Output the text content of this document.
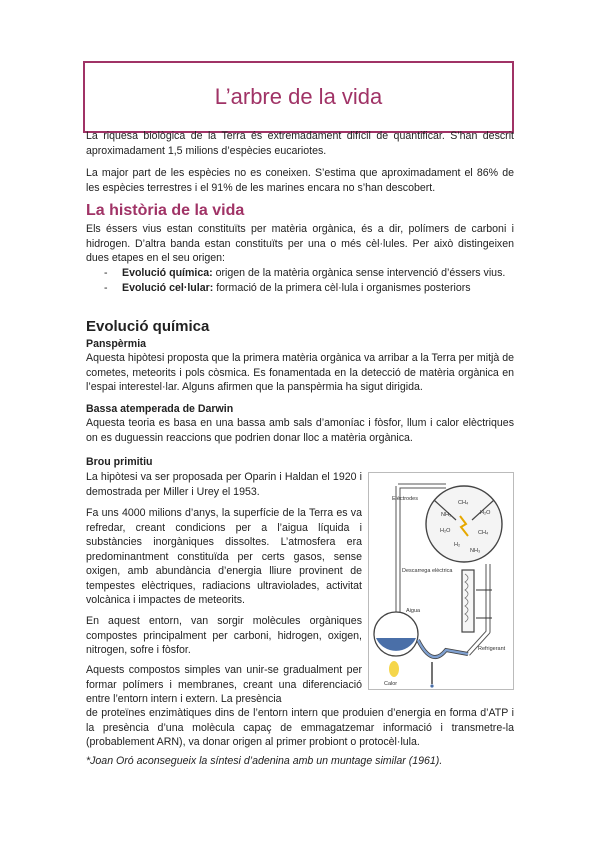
L’arbre de la vida

La riquesa biològica de la Terra és extremadament difícil de quantificar. S’han descrit aproximadament 1,5 milions d’espècies eucariotes.

La major part de les espècies no es coneixen. S’estima que aproximadament el 86% de les espècies terrestres i el 91% de les marines encara no s’han descobert.

La història de la vida

Els éssers vius estan constituïts per matèria orgànica, és a dir, polímers de carboni i hidrogen. D’altra banda estan constituïts per una o més cèl·lules. Per això distingeixen dues etapes en el seu origen:

- Evolució química: origen de la matèria orgànica sense intervenció d’éssers vius.
- Evolució cel·lular: formació de la primera cèl·lula i organismes posteriors
Evolució química
Panspèrmia

Aquesta hipòtesi proposta que la primera matèria orgànica va arribar a la Terra per mitjà de cometes, meteorits i pols còsmica. Es fonamentada en la detecció de matèria orgànica en l’espai interestel·lar. Alguns afirmen que la panspèrmia ha sigut dirigida.

Bassa atemperada de Darwin

Aquesta teoria es basa en una bassa amb sals d’amoníac i fòsfor, llum i calor elèctriques on es duguessin reaccions que podrien donar lloc a matèria orgànica.

Brou primitiu

La hipòtesi va ser proposada per Oparin i Haldan el 1920 i demostrada per Miller i Urey el 1953.

Fa uns 4000 milions d’anys, la superfície de la Terra es va refredar, creant condicions per a l’aigua líquida i substàncies inorgàniques dissoltes. L’atmosfera era predominantment constituïda per certs gasos, sense oxigen, amb abundància d’energia lliure provinent de tempestes elèctriques, radiacions ultraviolades, activitat volcànica i impactes de meteorits.

En aquest entorn, van sorgir molècules orgàniques compostes principalment per carboni, hidrogen, oxigen, nitrogen, sofre i fòsfor.

Aquests compostos simples van unir-se gradualment per formar polímers i membranes, creant una diferenciació entre l’entorn intern i extern. La presència

de proteïnes enzimàtiques dins de l’entorn intern que produien d’energia en forma d’ATP i la presència d’una molècula capaç de emmagatzemar informació i transmetre-la (probablement ARN), va donar origen al primer probiont o protocèl·lula.

*Joan Oró aconsegueix la síntesi d’adenina amb un muntage similar (1961).

CH₄
NH₃	H₂O
H₂O	CH₄
H₂
NH₃
Elèctrodes
Descarrega elèctrica
Aigua
Calor
Refrigerant
